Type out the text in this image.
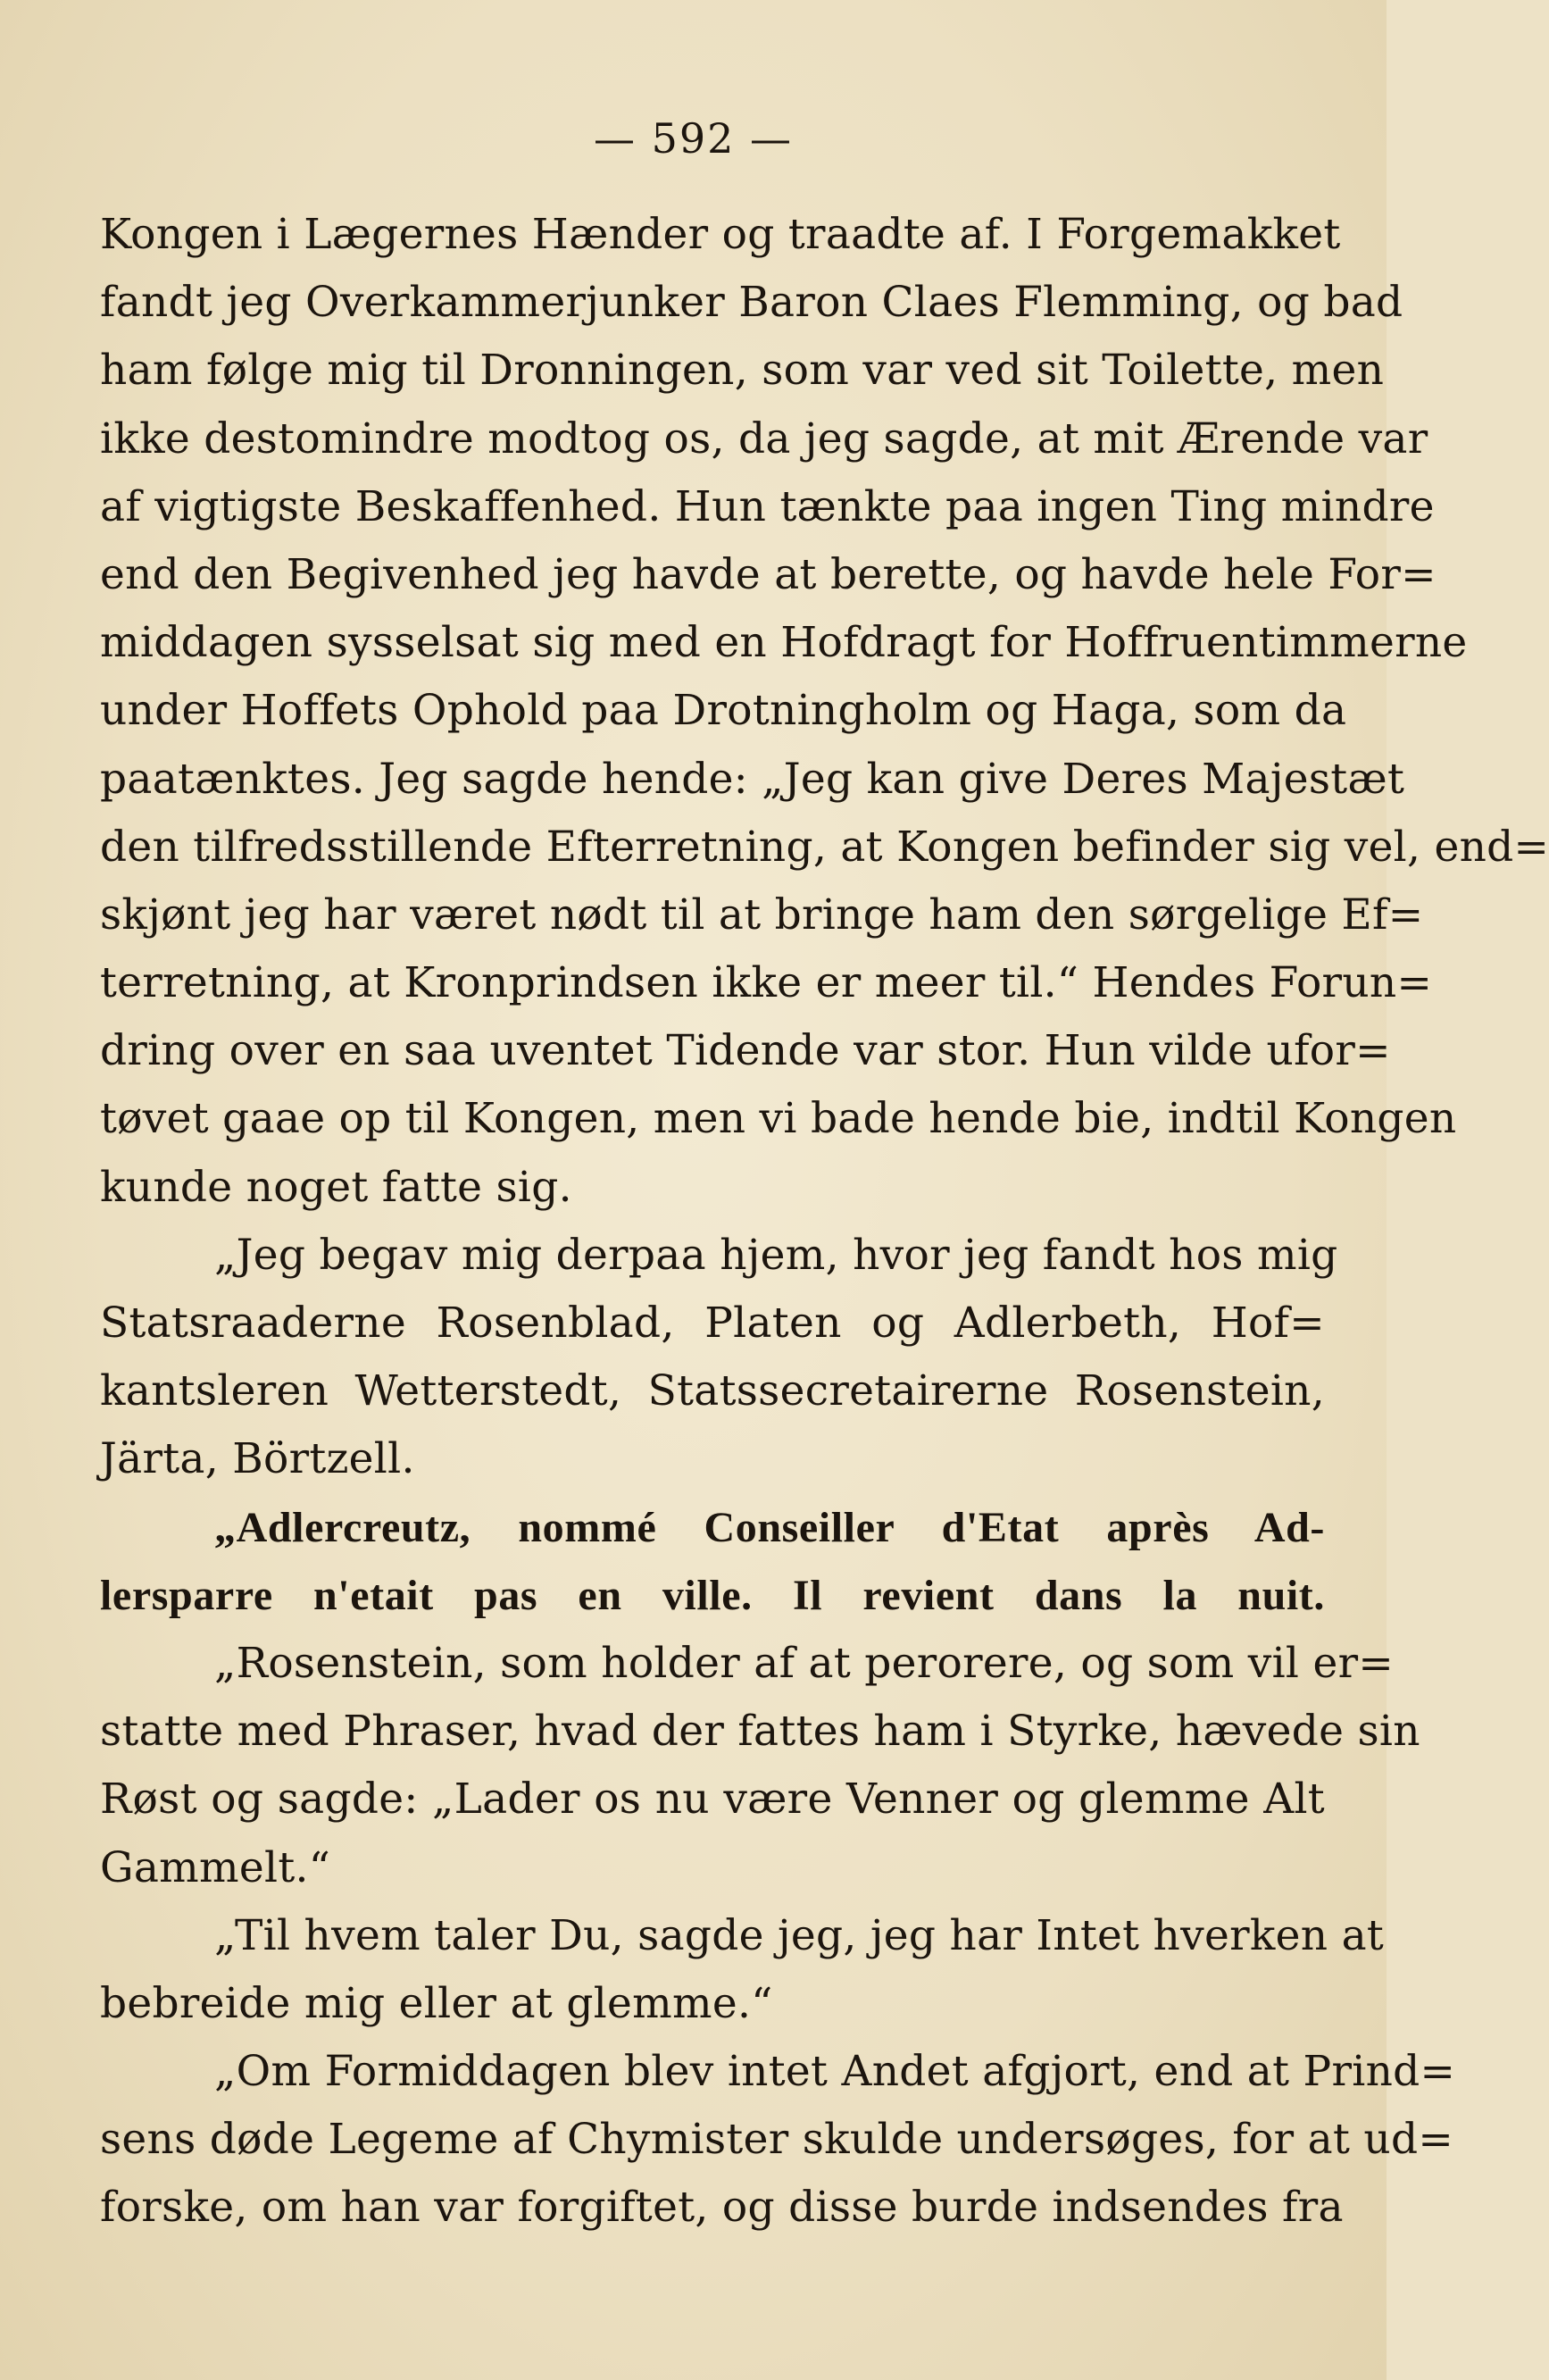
— 592 —
Kongen i Lægernes Hænder og traadte af. I Forgemakket
fandt jeg Overkammerjunker Baron Claes Flemming, og bad
ham følge mig til Dronningen, som var ved sit Toilette, men
ikke destomindre modtog os, da jeg sagde, at mit Ærende var
af vigtigste Beskaffenhed. Hun tænkte paa ingen Ting mindre
end den Begivenhed jeg havde at berette, og havde hele For=
middagen sysselsat sig med en Hofdragt for Hoffruentimmerne
under Hoffets Ophold paa Drotningholm og Haga, som da
paatænktes. Jeg sagde hende: „Jeg kan give Deres Majestæt
den tilfredsstillende Efterretning, at Kongen befinder sig vel, end=
skjønt jeg har været nødt til at bringe ham den sørgelige Ef=
terretning, at Kronprindsen ikke er meer til.“ Hendes Forun=
dring over en saa uventet Tidende var stor. Hun vilde ufor=
tøvet gaae op til Kongen, men vi bade hende bie, indtil Kongen
kunde noget fatte sig.
„Jeg begav mig derpaa hjem, hvor jeg fandt hos mig
Statsraaderne Rosenblad, Platen og Adlerbeth, Hof=
kantsleren Wetterstedt, Statssecretairerne Rosenstein,
Järta, Börtzell.
„Adlercreutz, nommé Conseiller d'Etat après Ad-
lersparre n'etait pas en ville. Il revient dans la nuit.
„Rosenstein, som holder af at perorere, og som vil er=
statte med Phraser, hvad der fattes ham i Styrke, hævede sin
Røst og sagde: „Lader os nu være Venner og glemme Alt
Gammelt.“
„Til hvem taler Du, sagde jeg, jeg har Intet hverken at
bebreide mig eller at glemme.“
„Om Formiddagen blev intet Andet afgjort, end at Prind=
sens døde Legeme af Chymister skulde undersøges, for at ud=
forske, om han var forgiftet, og disse burde indsendes fra
